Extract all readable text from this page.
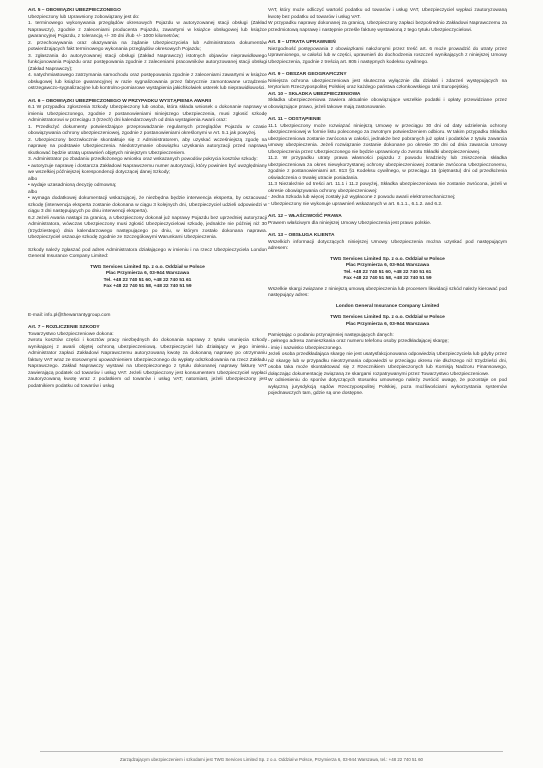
Art. 5 – OBOWIĄZKI UBEZPIECZONEGO

Ubezpieczony lub Uprawniony zobowiązany jest do:

1. terminowego wykonywania przeglądów okresowych Pojazdu w autoryzowanej stacji obsługi (Zakład Naprawczy), zgodnie z zaleceniami producenta Pojazdu, zawartymi w książce obsługowej lub książce gwarancyjnej Pojazdu, z tolerancją +/- 30 dni i/lub +/- 1000 kilometrów;

2. przechowywania oraz okazywania na żądanie Ubezpieczyciela lub Administratora dokumentów potwierdzających fakt terminowego wykonania przeglądów okresowych Pojazdu;

3. zgłaszania do autoryzowanej stacji obsługi (Zakład Naprawczy) istotnych objawów nieprawidłowego funkcjonowania Pojazdu oraz postępowania zgodnie z zaleceniami pracowników autoryzowanej stacji obsługi (Zakład Naprawczy);

4. natychmiastowego zatrzymania samochodu oraz postępowania zgodnie z zaleceniami zawartymi w książce obsługowej lub książce gwarancyjnej w razie sygnalizowania przez fabrycznie zamontowane urządzenie ostrzegawczo-sygnalizacyjne lub kontrolno-pomiarowe wystąpienia jakichkolwiek usterek lub nieprawidłowości.

Art. 6 – OBOWIĄZKI UBEZPIECZONEGO W PRZYPADKU WYSTĄPIENIA AWARII

6.1 W przypadku zgłoszenia Szkody Ubezpieczony lub osoba, która składa wniosek o dokonanie naprawy w imieniu Ubezpieczonego, zgodnie z postanowieniami niniejszego Ubezpieczenia, musi zgłosić szkodę Administratorowi w przeciągu 3 (trzech) dni kalendarzowych od dnia wystąpienia Awarii oraz:

1. Przedłożyć dokumenty potwierdzające przeprowadzanie regularnych przeglądów Pojazdu w czasie obowiązywania ochrony ubezpieczeniowej, zgodnie z postanowieniami określonymi w Art. 5.1 jak powyżej.

2. Ubezpieczony bezzwłocznie skontaktuje się z Administratorem, aby uzyskać wcześniejszą zgodę na naprawę na podstawie Ubezpieczenia. Niedotrzymanie obowiązku uzyskania autoryzacji przed naprawą skutkować będzie utratą uprawnień objętych niniejszym Ubezpieczeniem.

3. Administrator po zbadaniu przedłożonego wniosku oraz wskazanych powodów pokrycia kosztów szkody:

• autoryzuje naprawę i dostarcza Zakładowi Naprawczemu numer autoryzacji, który powinien być uwzględniany we wszelkiej późniejszej korespondencji dotyczącej danej Szkody;

albo

• wydaje uzasadnioną decyzję odmowną;

albo

• wymaga dodatkowej dokumentacji wskazującej, że niezbędna będzie interwencja eksperta, by oszacować szkodę (interwencja eksperta zostanie dokonana w ciągu 3 kolejnych dni, Ubezpieczyciel udzieli odpowiedzi w ciągu 3 dni następujących po dniu interwencji eksperta).

6.2 Jeżeli Awaria nastąpi za granicą, a Ubezpieczony dokonał już naprawy Pojazdu bez uprzedniej autoryzacji Administratora, wówczas Ubezpieczony musi zgłosić Ubezpieczycielowi szkodę, jednakże nie później niż 30 (trzydziestego) dnia kalendarzowego następującego po dniu, w którym zostało dokonana naprawa. Ubezpieczyciel oszacuje szkodę zgodnie ze Szczegółowymi Warunkami Ubezpieczenia.

Szkody należy zgłaszać pod adres Administratora działającego w imieniu i na rzecz Ubezpieczyciela London General Insurance Company Limited:

TWG Services Limited Sp. z o.o. Oddział w Polsce
Plac Przymierza 6, 03-944 Warszawa
Tel. +48 22 740 51 60, +48 22 740 51 61
Fax +48 22 740 51 58, +48 22 740 51 59

E-mail: info.pl@thewarrantygroup.com

Art. 7 – ROZLICZENIE SZKODY

Towarzystwo Ubezpieczeniowe dokona:

zwrotu kosztów części i kosztów pracy niezbędnych do dokonania naprawy z tytułu usunięcia szkody wynikającej z awarii objętej ochroną ubezpieczeniową. Ubezpieczyciel lub działający w jego imieniu Administrator zapłaci Zakładowi Naprawczemu autoryzowaną kwotę za dokonaną naprawę po otrzymaniu faktury VAT wraz ze stosownymi upoważnieniem Ubezpieczonego do wypłaty odszkodowania na rzecz Zakładu Naprawczego. Zakład Naprawczy wystawi na Ubezpieczonego z tytułu dokonanej naprawy fakturę VAT zawierającą podatek od towarów i usług VAT. Jeżeli Ubezpieczony jest konsumentem Ubezpieczyciel wypłaci zautoryzowaną kwotę wraz z podatkiem od towarów i usług VAT; natomiast, jeżeli Ubezpieczony jest podatnikiem podatku od towarów i usług

VAT, który może odliczyć wartość podatku od towarów i usług VAT, Ubezpieczyciel wypłaci zautoryzowaną kwotę bez podatku od towarów i usług VAT.

W przypadku naprawy dokonanej za granicą, Ubezpieczony zapłaci bezpośrednio Zakładowi Naprawczemu za przedmiotową naprawę i następnie prześle fakturę wystawioną z tego tytułu Ubezpieczycielowi.

Art. 8 – UTRATA UPRAWNIEŃ

Niezgodność postępowania z obowiązkami nałożonymi przez treść art. 6 może prowadzić do utraty przez Uprawnionego, w całości lub w części, uprawnień do dochodzenia roszczeń wynikających z niniejszej Umowy Ubezpieczenia, zgodnie z treścią art. 805 i następnych kodeksu cywilnego.

Art. 9 – OBSZAR GEOGRAFICZNY

Niniejsza ochrona ubezpieczeniowa jest skuteczna wyłącznie dla działań i zdarzeń występujących na terytorium Rzeczypospolitej Polskiej oraz każdego państwa członkowskiego Unii Europejskiej.

Art. 10 – SKŁADKA UBEZPIECZENIOWA

Składka ubezpieczeniowa zawiera aktualnie obowiązujące wszelkie podatki i opłaty przewidziane przez obowiązujące prawo, jeżeli takowe mają zastosowanie.

Art. 11 – ODSTĄPIENIE

11.1 Ubezpieczony może rozwiązać niniejszą Umowę w przeciągu 30 dni od daty udzielenia ochrony ubezpieczeniowej w formie listu poleconego za zwrotnym potwierdzeniem odbioru. W takim przypadku Składka ubezpieczeniowa zostanie zwrócona w całości, jednakże bez pobranych już opłat i podatków z tytułu zawarcia umowy ubezpieczenia. Jeżeli rozwiązanie zostanie dokonane po okresie 30 dni od dnia zawarcia Umowy Ubezpieczenia przez Ubezpieczonego nie będzie uprawniony do zwrotu Składki ubezpieczeniowej.

11.2. W przypadku utraty prawa własności pojazdu z powodu kradzieży lub zniszczenia składka ubezpieczeniowa za okres niewykorzystanej ochrony ubezpieczeniowej zostanie zwrócona Ubezpieczonemu, zgodnie z postanowieniami art. 813 §1 Kodeksu cywilnego, w przeciągu 15 (piętnastu) dni od przedłożenia oświadczenia o trwałej utracie posiadania.

11.3 Niezależnie od treści art. 11.1 i 11.2 powyżej, Składka ubezpieczeniowa nie zostanie zwrócona, jeżeli w okresie obowiązywania ochrony ubezpieczeniowej:

- Jedna Szkoda lub więcej zostały już wypłacone z powodu awarii elektromechanicznej;

- Ubezpieczony nie wykonuje uprawnień wskazanych w art. 6.1.1., 6.1.2. and 6.2.

Art. 12 – WŁAŚCIWOŚĆ PRAWA

Prawem właściwym dla niniejszej Umowy Ubezpieczenia jest prawo polskie.

Art. 13 – OBSŁUGA KLIENTA

Wszelkich informacji dotyczących niniejszej Umowy Ubezpieczenia można uzyskać pod następującym adresem:

TWG Services Limited Sp. z o.o. Oddział w Polsce
Plac Przymierza 6, 03-944 Warszawa
Tel. +48 22 740 51 60, +48 22 740 51 61
Fax +48 22 740 51 58, +48 22 740 51 59

Wszelkie skargi związane z niniejszą umową ubezpieczenia lub procesem likwidacji szkód należy kierować pod następujący adres:

London General Insurance Company Limited
TWG Services Limited Sp. z o.o. Oddział w Polsce
Plac Przymierza 6, 03-944 Warszawa

Pamiętając o podaniu przynajmniej następujących danych:

- pełnego adresu zamieszkania oraz numeru telefonu osoby przedkładającej skargę;

- imię i nazwisko Ubezpieczonego.

Jeżeli osoba przedkładająca skargę nie jest usatysfakcjonowana odpowiedzią Ubezpieczyciela lub gdyby przez niż skargę lub w przypadku nieotrzymania odpowiedzi w przeciągu okresu nie dłuższego niż trzydzieści dni, osoba taka może skontaktować się z Rzecznikiem Ubezpieczonych lub Komisją Nadzoru Finansowego, dołączając dokumentację związaną ze skargami rozpatrywanymi przez Towarzystwo Ubezpieczeniowe.

W odniesieniu do sporów dotyczących stosunku umownego należy zwrócić uwagę, że pozostaje on pod wyłączną jurysdykcją sądów Rzeczypospolitej Polskiej, poza możliwościami wykorzystania systemów pojednawczych tam, gdzie są one dostępne.

Zarządzającym ubezpieczeniem i szkodami jest TWG Services Limited Sp. z o.o. Oddział w Polsce, Przymierza 6, 03-944 Warszawa, tel.: +48 22 740 51 60
